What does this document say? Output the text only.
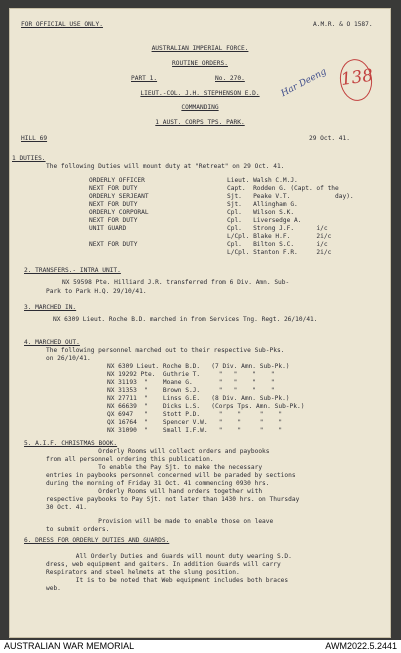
FOR OFFICIAL USE ONLY.	A.M.R. & O 1587.
AUSTRALIAN IMPERIAL FORCE.
ROUTINE ORDERS.
PART 1.	No. 270.
LIEUT.-COL. J.H. STEPHENSON E.D.
COMMANDING
1 AUST. CORPS TPS. PARK.
HILL 69	29 Oct. 41.
Har Deeng 138
1 DUTIES.
The following Duties will mount duty at "Retreat" on 29 Oct. 41.
ORDERLY OFFICER	Lieut. Walsh C.M.J.
NEXT FOR DUTY	Capt.  Rodden G. (Capt. of the
ORDERLY SERJEANT	Sjt.   Peake V.T.            day).
NEXT FOR DUTY	Sjt.   Allingham G.
ORDERLY CORPORAL	Cpl.   Wilson S.K.
NEXT FOR DUTY	Cpl.   Liversedge A.
UNIT GUARD	Cpl.   Strong J.F.      i/c
L/Cpl. Blake H.F.       2i/c
NEXT FOR DUTY	Cpl.   Bilton S.C.      i/c
L/Cpl. Stanton F.R.     2i/c
2. TRANSFERS.- INTRA UNIT.
NX 59598 Pte. Hilliard J.R. transferred from 6 Div. Amn. Sub-
Park to Park H.Q. 29/10/41.
3. MARCHED IN.
NX 6309 Lieut. Roche B.D. marched in from Services Tng. Regt. 26/10/41.
4. MARCHED OUT.
The following personnel marched out to their respective Sub-Pks.
on 26/10/41.
NX 6309 Lieut. Roche B.D.   (7 Div. Amn. Sub-Pk.)
NX 19292 Pte.  Guthrie T.     "   "    "    "
NX 31193  "    Moane G.       "   "    "    "
NX 31353  "    Brown S.J.     "   "    "    "
NX 27711  "    Linss G.E.   (8 Div. Amn. Sub-Pk.)
NX 66639  "    Dicks L.S.   (Corps Tps. Amn. Sub-Pk.)
QX 6947   "    Stott P.D.     "    "     "    "
QX 16764  "    Spencer V.W.   "    "     "    "
NX 31090  "    Small I.F.W.   "    "     "    "
5. A.I.F. CHRISTMAS BOOK.
Orderly Rooms will collect orders and paybooks
from all personnel ordering this publication.
To enable the Pay Sjt. to make the necessary
entries in paybooks personnel concerned will be paraded by sections
during the morning of Friday 31 Oct. 41 commencing 0930 hrs.
Orderly Rooms will hand orders together with
respective paybooks to Pay Sjt. not later than 1430 hrs. on Thursday
30 Oct. 41.
Provision will be made to enable those on leave
to submit orders.
6. DRESS FOR ORDERLY DUTIES AND GUARDS.
All Orderly Duties and Guards will mount duty wearing S.D.
dress, web equipment and gaiters. In addition Guards will carry
Respirators and steel helmets at the slung position.
It is to be noted that Web equipment includes both braces
web.
AUSTRALIAN WAR MEMORIAL	AWM2022.5.2441
